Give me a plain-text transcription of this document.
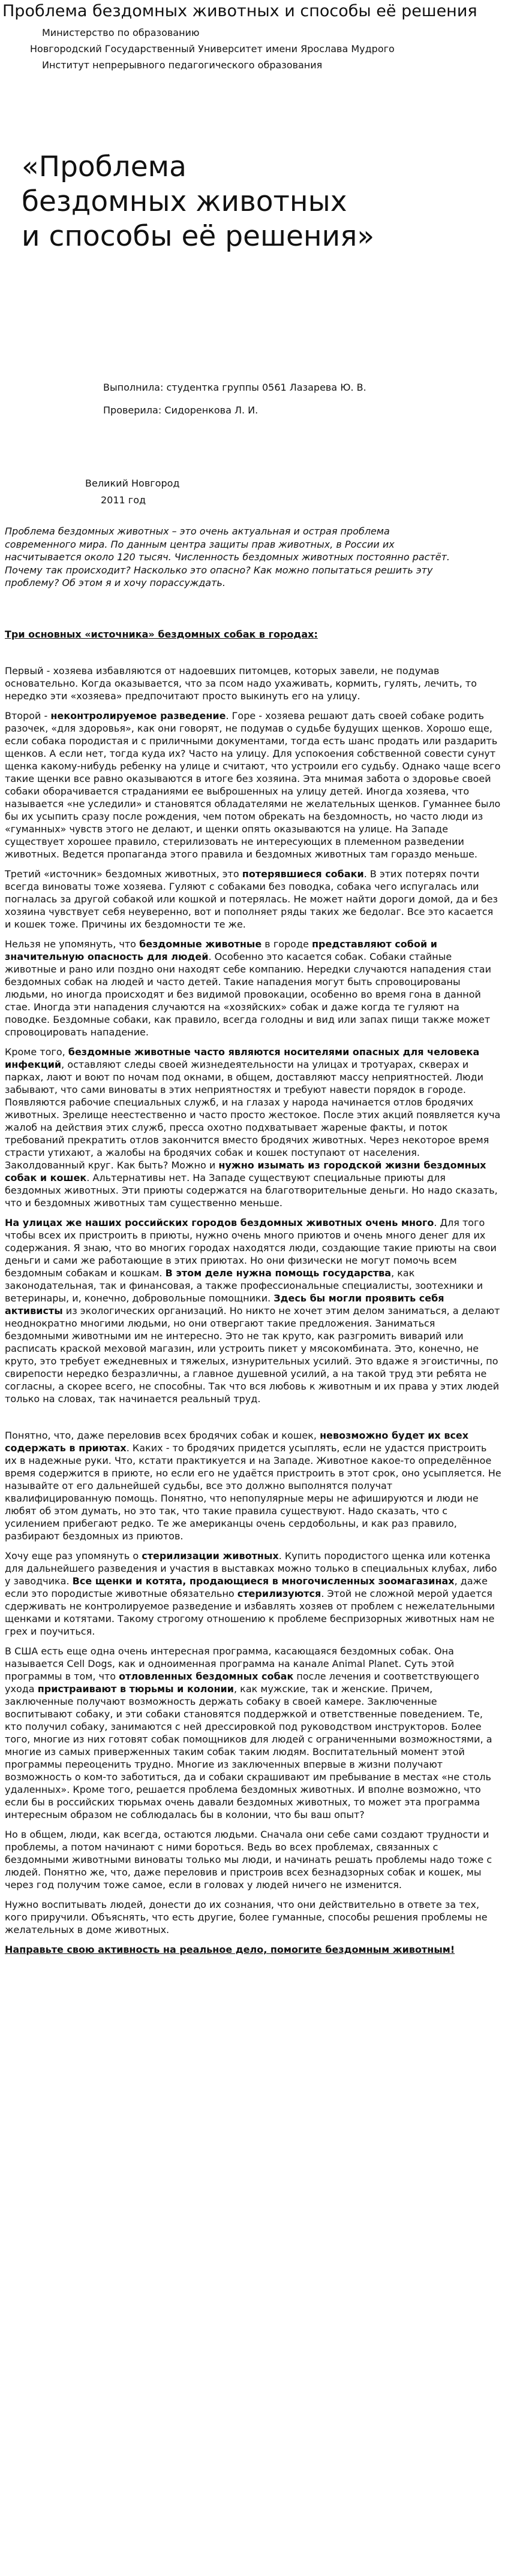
Проблема бездомных животных и способы её решения
Министерство по образованию
Новгородский Государственный Университет имени Ярослава Мудрого
Институт непрерывного педагогического образования
«Проблема
бездомных животных
и способы её решения»
Выполнила: студентка группы 0561 Лазарева Ю. В.
Проверила: Сидоренкова Л. И.
Великий Новгород
2011 год
Проблема бездомных животных – это очень актуальная и острая проблема современного мира. По данным центра защиты прав животных, в России их насчитывается около 120 тысяч. Численность бездомных животных постоянно растёт. Почему так происходит? Насколько это опасно? Как можно попытаться решить эту проблему? Об этом я и хочу порассуждать.

Три основных «источника» бездомных собак в городах:

Первый - хозяева избавляются от надоевших питомцев, которых завели, не подумав основательно. Когда оказывается, что за псом надо ухаживать, кормить, гулять, лечить, то нередко эти «хозяева» предпочитают просто выкинуть его на улицу.

Второй - неконтролируемое разведение. Горе - хозяева решают дать своей собаке родить разочек, «для здоровья», как они говорят, не подумав о судьбе будущих щенков. Хорошо еще, если собака породистая и с приличными документами, тогда есть шанс продать или раздарить щенков. А если нет, тогда куда их? Часто на улицу. Для успокоения собственной совести сунут щенка какому-нибудь ребенку на улице и считают, что устроили его судьбу. Однако чаще всего такие щенки все равно оказываются в итоге без хозяина. Эта мнимая забота о здоровье своей собаки оборачивается страданиями ее выброшенных на улицу детей. Иногда хозяева, что называется «не уследили» и становятся обладателями не желательных щенков. Гуманнее было бы их усыпить сразу после рождения, чем потом обрекать на бездомность, но часто люди из «гуманных» чувств этого не делают, и щенки опять оказываются на улице. На Западе существует хорошее правило, стерилизовать не интересующих в племенном разведении животных. Ведется пропаганда этого правила и бездомных животных там гораздо меньше.

Третий «источник» бездомных животных, это потерявшиеся собаки. В этих потерях почти всегда виноваты тоже хозяева. Гуляют с собаками без поводка, собака чего испугалась или погналась за другой собакой или кошкой и потерялась. Не может найти дороги домой, да и без хозяина чувствует себя неуверенно, вот и пополняет ряды таких же бедолаг. Все это касается и кошек тоже. Причины их бездомности те же.

Нельзя не упомянуть, что бездомные животные в городе представляют собой и значительную опасность для людей. Особенно это касается собак. Собаки стайные животные и рано или поздно они находят себе компанию. Нередки случаются нападения стаи бездомных собак на людей и часто детей. Такие нападения могут быть спровоцированы людьми, но иногда происходят и без видимой провокации, особенно во время гона в данной стае. Иногда эти нападения случаются на «хозяйских» собак и даже когда те гуляют на поводке. Бездомные собаки, как правило, всегда голодны и вид или запах пищи также может спровоцировать нападение.

Кроме того, бездомные животные часто являются носителями опасных для человека инфекций, оставляют следы своей жизнедеятельности на улицах и тротуарах, скверах и парках, лают и воют по ночам под окнами, в общем, доставляют массу неприятностей. Люди забывают, что сами виноваты в этих неприятностях и требуют навести порядок в городе. Появляются рабочие специальных служб, и на глазах у народа начинается отлов бродячих животных. Зрелище неестественно и часто просто жестокое. После этих акций появляется куча жалоб на действия этих служб, пресса охотно подхватывает жареные факты, и поток требований прекратить отлов закончится вместо бродячих животных. Через некоторое время страсти утихают, а жалобы на бродячих собак и кошек поступают от населения. Заколдованный круг. Как быть? Можно и нужно изымать из городской жизни бездомных собак и кошек. Альтернативы нет. На Западе существуют специальные приюты для бездомных животных. Эти приюты содержатся на благотворительные деньги. Но надо сказать, что и бездомных животных там существенно меньше.

На улицах же наших российских городов бездомных животных очень много. Для того чтобы всех их пристроить в приюты, нужно очень много приютов и очень много денег для их содержания. Я знаю, что во многих городах находятся люди, создающие такие приюты на свои деньги и сами же работающие в этих приютах. Но они физически не могут помочь всем бездомным собакам и кошкам. В этом деле нужна помощь государства, как законодательная, так и финансовая, а также профессиональные специалисты, зоотехники и ветеринары, и, конечно, добровольные помощники. Здесь бы могли проявить себя активисты из экологических организаций. Но никто не хочет этим делом заниматься, а делают неоднократно многими людьми, но они отвергают такие предложения. Заниматься бездомными животными им не интересно. Это не так круто, как разгромить виварий или расписать краской меховой магазин, или устроить пикет у мясокомбината. Это, конечно, не круто, это требует ежедневных и тяжелых, изнурительных усилий. Это вдаже я эгоистичны, по свирепости нередко безразличны, а главное душевной усилий, а на такой труд эти ребята не согласны, а скорее всего, не способны. Так что вся любовь к животным и их права у этих людей только на словах, так начинается реальный труд.

Понятно, что, даже переловив всех бродячих собак и кошек, невозможно будет их всех содержать в приютах. Каких - то бродячих придется усыплять, если не удастся пристроить их в надежные руки. Что, кстати практикуется и на Западе. Животное какое-то определённое время содержится в приюте, но если его не удаётся пристроить в этот срок, оно усыпляется. Не называйте от его дальнейшей судьбы, все это должно выполнятся получат квалифицированную помощь. Понятно, что непопулярные меры не афишируются и люди не любят об этом думать, но это так, что такие правила существуют. Надо сказать, что с усилением прибегают редко. Те же американцы очень сердобольны, и как раз правило, разбирают бездомных из приютов.

Хочу еще раз упомянуть о стерилизации животных. Купить породистого щенка или котенка для дальнейшего разведения и участия в выставках можно только в специальных клубах, либо у заводчика. Все щенки и котята, продающиеся в многочисленных зоомагазинах, даже если это породистые животные обязательно стерилизуются. Этой не сложной мерой удается сдерживать не контролируемое разведение и избавлять хозяев от проблем с нежелательными щенками и котятами. Такому строгому отношению к проблеме беспризорных животных нам не грех и поучиться.

В США есть еще одна очень интересная программа, касающаяся бездомных собак. Она называется Cell Dogs, как и одноименная программа на канале Animal Planet. Суть этой программы в том, что отловленных бездомных собак после лечения и соответствующего ухода пристраивают в тюрьмы и колонии, как мужские, так и женские. Причем, заключенные получают возможность держать собаку в своей камере. Заключенные воспитывают собаку, и эти собаки становятся поддержкой и ответственные поведением. Те, кто получил собаку, занимаются с ней дрессировкой под руководством инструкторов. Более того, многие из них готовят собак помощников для людей с ограниченными возможностями, а многие из самых приверженных таким собак таким людям. Воспитательный момент этой программы переоценить трудно. Многие из заключенных впервые в жизни получают возможность о ком-то заботиться, да и собаки скрашивают им пребывание в местах «не столь удаленных». Кроме того, решается проблема бездомных животных. И вполне возможно, что если бы в российских тюрьмах очень давали бездомных животных, то может эта программа интересным образом не соблюдалась бы в колонии, что бы ваш опыт?

Но в общем, люди, как всегда, остаются людьми. Сначала они себе сами создают трудности и проблемы, а потом начинают с ними бороться. Ведь во всех проблемах, связанных с бездомными животными виноваты только мы люди, и начинать решать проблемы надо тоже с людей. Понятно же, что, даже переловив и пристроив всех безнадзорных собак и кошек, мы через год получим тоже самое, если в головах у людей ничего не изменится.

Нужно воспитывать людей, донести до их сознания, что они действительно в ответе за тех, кого приручили. Объяснять, что есть другие, более гуманные, способы решения проблемы не желательных в доме животных.

Направьте свою активность на реальное дело, помогите бездомным животным!
